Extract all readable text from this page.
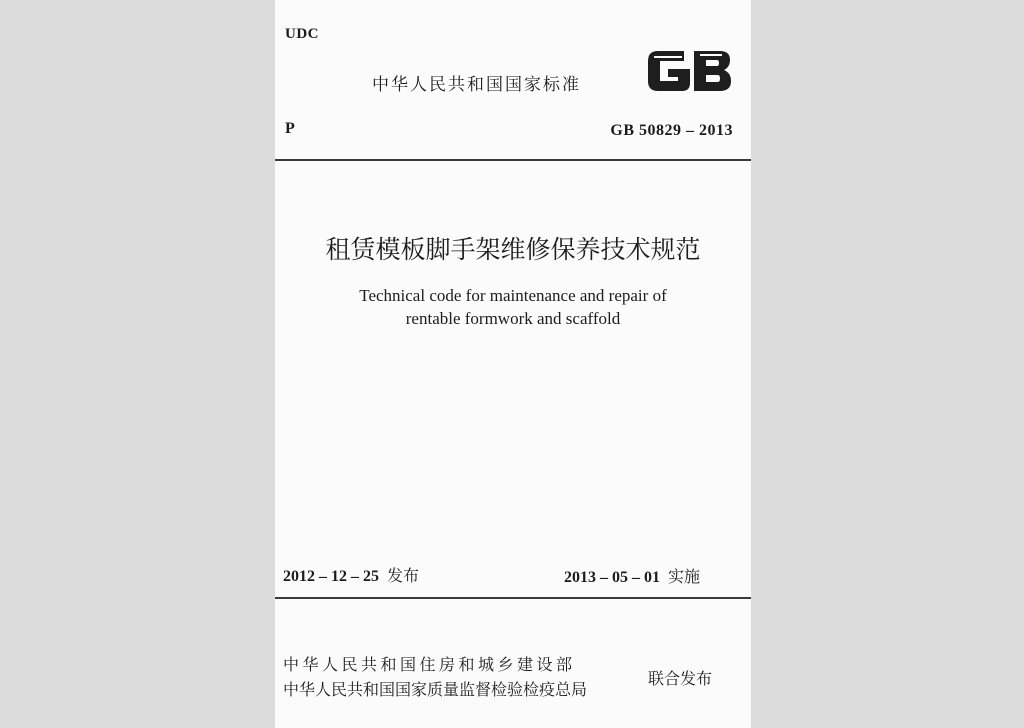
UDC
中华人民共和国国家标准
P	GB 50829 – 2013
租赁模板脚手架维修保养技术规范
Technical code for maintenance and repair of
rentable formwork and scaffold
2012 – 12 – 25 发布	2013 – 05 – 01 实施
中华人民共和国住房和城乡建设部
中华人民共和国国家质量监督检验检疫总局
联合发布
